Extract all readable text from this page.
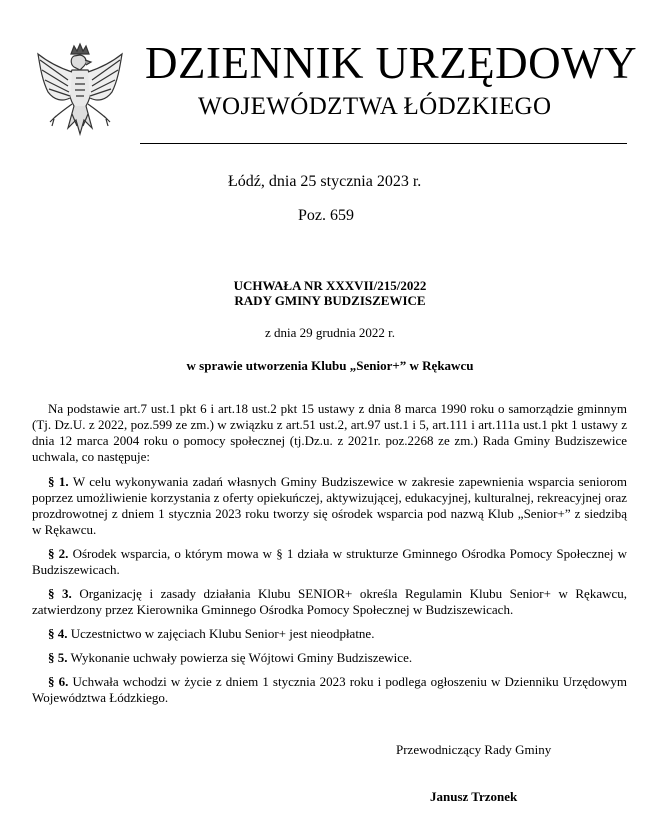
DZIENNIK URZĘDOWY
WOJEWÓDZTWA ŁÓDZKIEGO
Łódź, dnia 25 stycznia 2023 r.
Poz. 659
UCHWAŁA NR XXXVII/215/2022
RADY GMINY BUDZISZEWICE
z dnia 29 grudnia 2022 r.
w sprawie utworzenia Klubu „Senior+” w Rękawcu

Na podstawie art.7 ust.1 pkt 6 i art.18 ust.2 pkt 15 ustawy z dnia 8 marca 1990 roku o samorządzie gminnym (Tj. Dz.U. z 2022, poz.599 ze zm.) w związku z art.51 ust.2, art.97 ust.1 i 5, art.111 i art.111a ust.1 pkt 1 ustawy z dnia 12 marca 2004 roku o pomocy społecznej (tj.Dz.u. z 2021r. poz.2268 ze zm.) Rada Gminy Budziszewice uchwala, co następuje:

§ 1. W celu wykonywania zadań własnych Gminy Budziszewice w zakresie zapewnienia wsparcia seniorom poprzez umożliwienie korzystania z oferty opiekuńczej, aktywizującej, edukacyjnej, kulturalnej, rekreacyjnej oraz prozdrowotnej z dniem 1 stycznia 2023 roku tworzy się ośrodek wsparcia pod nazwą Klub „Senior+” z siedzibą w Rękawcu.

§ 2. Ośrodek wsparcia, o którym mowa w § 1 działa w strukturze Gminnego Ośrodka Pomocy Społecznej w Budziszewicach.

§ 3. Organizację i zasady działania Klubu SENIOR+ określa Regulamin Klubu Senior+ w Rękawcu, zatwierdzony przez Kierownika Gminnego Ośrodka Pomocy Społecznej w Budziszewicach.

§ 4. Uczestnictwo w zajęciach Klubu Senior+ jest nieodpłatne.

§ 5. Wykonanie uchwały powierza się Wójtowi Gminy Budziszewice.

§ 6. Uchwała wchodzi w życie z dniem 1 stycznia 2023 roku i podlega ogłoszeniu w Dzienniku Urzędowym Województwa Łódzkiego.

Przewodniczący Rady Gminy
Janusz Trzonek
